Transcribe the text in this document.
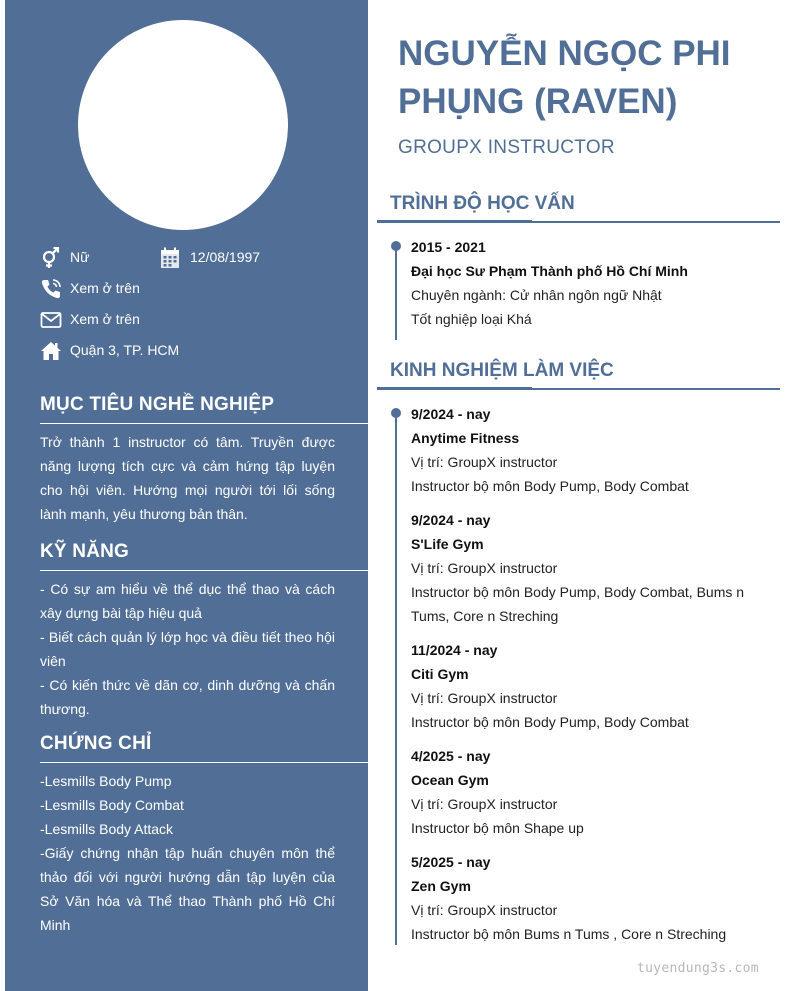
Nữ	12/08/1997
Xem ở trên
Xem ở trên
Quận 3, TP. HCM
MỤC TIÊU NGHỀ NGHIỆP
Trở thành 1 instructor có tâm. Truyền được năng lượng tích cực và cảm hứng tập luyện cho hội viên. Hướng mọi người tới lối sống lành mạnh, yêu thương bản thân.
KỸ NĂNG
- Có sự am hiểu về thể dục thể thao và cách xây dựng bài tập hiệu quả
- Biết cách quản lý lớp học và điều tiết theo hội viên
- Có kiến thức về dãn cơ, dinh dưỡng và chấn thương.
CHỨNG CHỈ
-Lesmills Body Pump
-Lesmills Body Combat
-Lesmills Body Attack
-Giấy chứng nhận tập huấn chuyên môn thể thảo đối với người hướng dẫn tập luyện của Sở Văn hóa và Thể thao Thành phố Hồ Chí Minh
NGUYỄN NGỌC PHI PHỤNG (RAVEN)
GROUPX INSTRUCTOR
TRÌNH ĐỘ HỌC VẤN
2015 - 2021
Đại học Sư Phạm Thành phố Hồ Chí Minh
Chuyên ngành: Cử nhân ngôn ngữ Nhật
Tốt nghiệp loại Khá
KINH NGHIỆM LÀM VIỆC
9/2024 - nay
Anytime Fitness
Vị trí: GroupX instructor
Instructor bộ môn Body Pump, Body Combat
9/2024 - nay
S'Life Gym
Vị trí: GroupX instructor
Instructor bộ môn Body Pump, Body Combat, Bums n Tums, Core n Streching
11/2024 - nay
Citi Gym
Vị trí: GroupX instructor
Instructor bộ môn Body Pump, Body Combat
4/2025 - nay
Ocean Gym
Vị trí: GroupX instructor
Instructor bộ môn Shape up
5/2025 - nay
Zen Gym
Vị trí: GroupX instructor
Instructor bộ môn Bums n Tums , Core n Streching
tuyendung3s.com
